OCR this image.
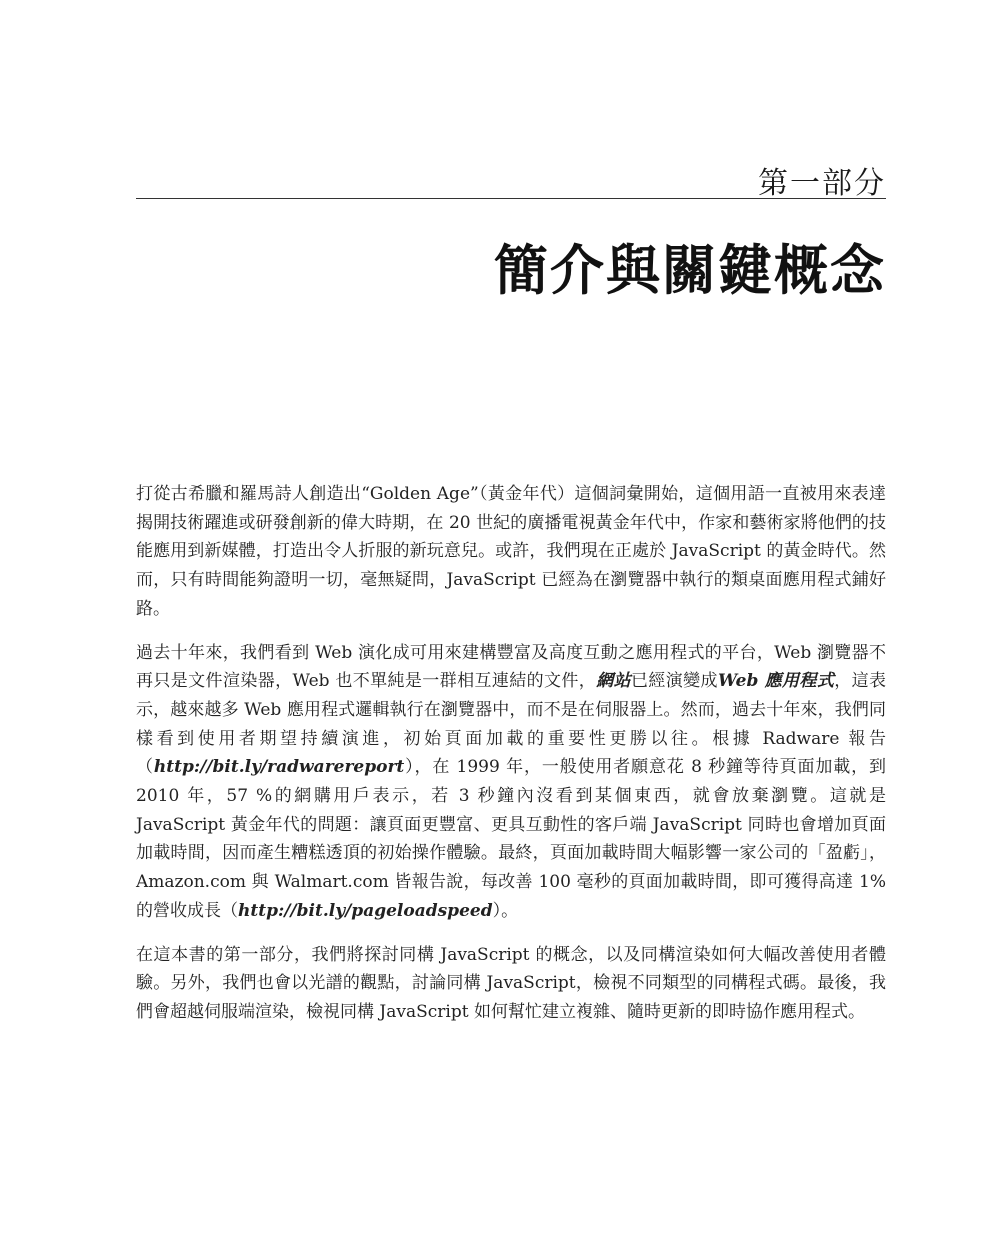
第一部分
簡介與關鍵概念

打從古希臘和羅馬詩人創造出“Golden Age”（黃金年代）這個詞彙開始，這個用語一直被用來表達揭開技術躍進或研發創新的偉大時期，在 20 世紀的廣播電視黃金年代中，作家和藝術家將他們的技能應用到新媒體，打造出令人折服的新玩意兒。或許，我們現在正處於 JavaScript 的黃金時代。然而，只有時間能夠證明一切，毫無疑問，JavaScript 已經為在瀏覽器中執行的類桌面應用程式鋪好路。

過去十年來，我們看到 Web 演化成可用來建構豐富及高度互動之應用程式的平台，Web 瀏覽器不再只是文件渲染器，Web 也不單純是一群相互連結的文件，網站已經演變成Web 應用程式，這表示，越來越多 Web 應用程式邏輯執行在瀏覽器中，而不是在伺服器上。然而，過去十年來，我們同樣看到使用者期望持續演進，初始頁面加載的重要性更勝以往。根據 Radware 報告（http://bit.ly/radwarereport），在 1999 年，一般使用者願意花 8 秒鐘等待頁面加載，到 2010 年，57 %的網購用戶表示，若 3 秒鐘內沒看到某個東西，就會放棄瀏覽。這就是 JavaScript 黃金年代的問題：讓頁面更豐富、更具互動性的客戶端 JavaScript 同時也會增加頁面加載時間，因而產生糟糕透頂的初始操作體驗。最終，頁面加載時間大幅影響一家公司的「盈虧」，Amazon.com 與 Walmart.com 皆報告說，每改善 100 毫秒的頁面加載時間，即可獲得高達 1% 的營收成長（http://bit.ly/pageloadspeed）。

在這本書的第一部分，我們將探討同構 JavaScript 的概念，以及同構渲染如何大幅改善使用者體驗。另外，我們也會以光譜的觀點，討論同構 JavaScript，檢視不同類型的同構程式碼。最後，我們會超越伺服端渲染，檢視同構 JavaScript 如何幫忙建立複雜、隨時更新的即時協作應用程式。
